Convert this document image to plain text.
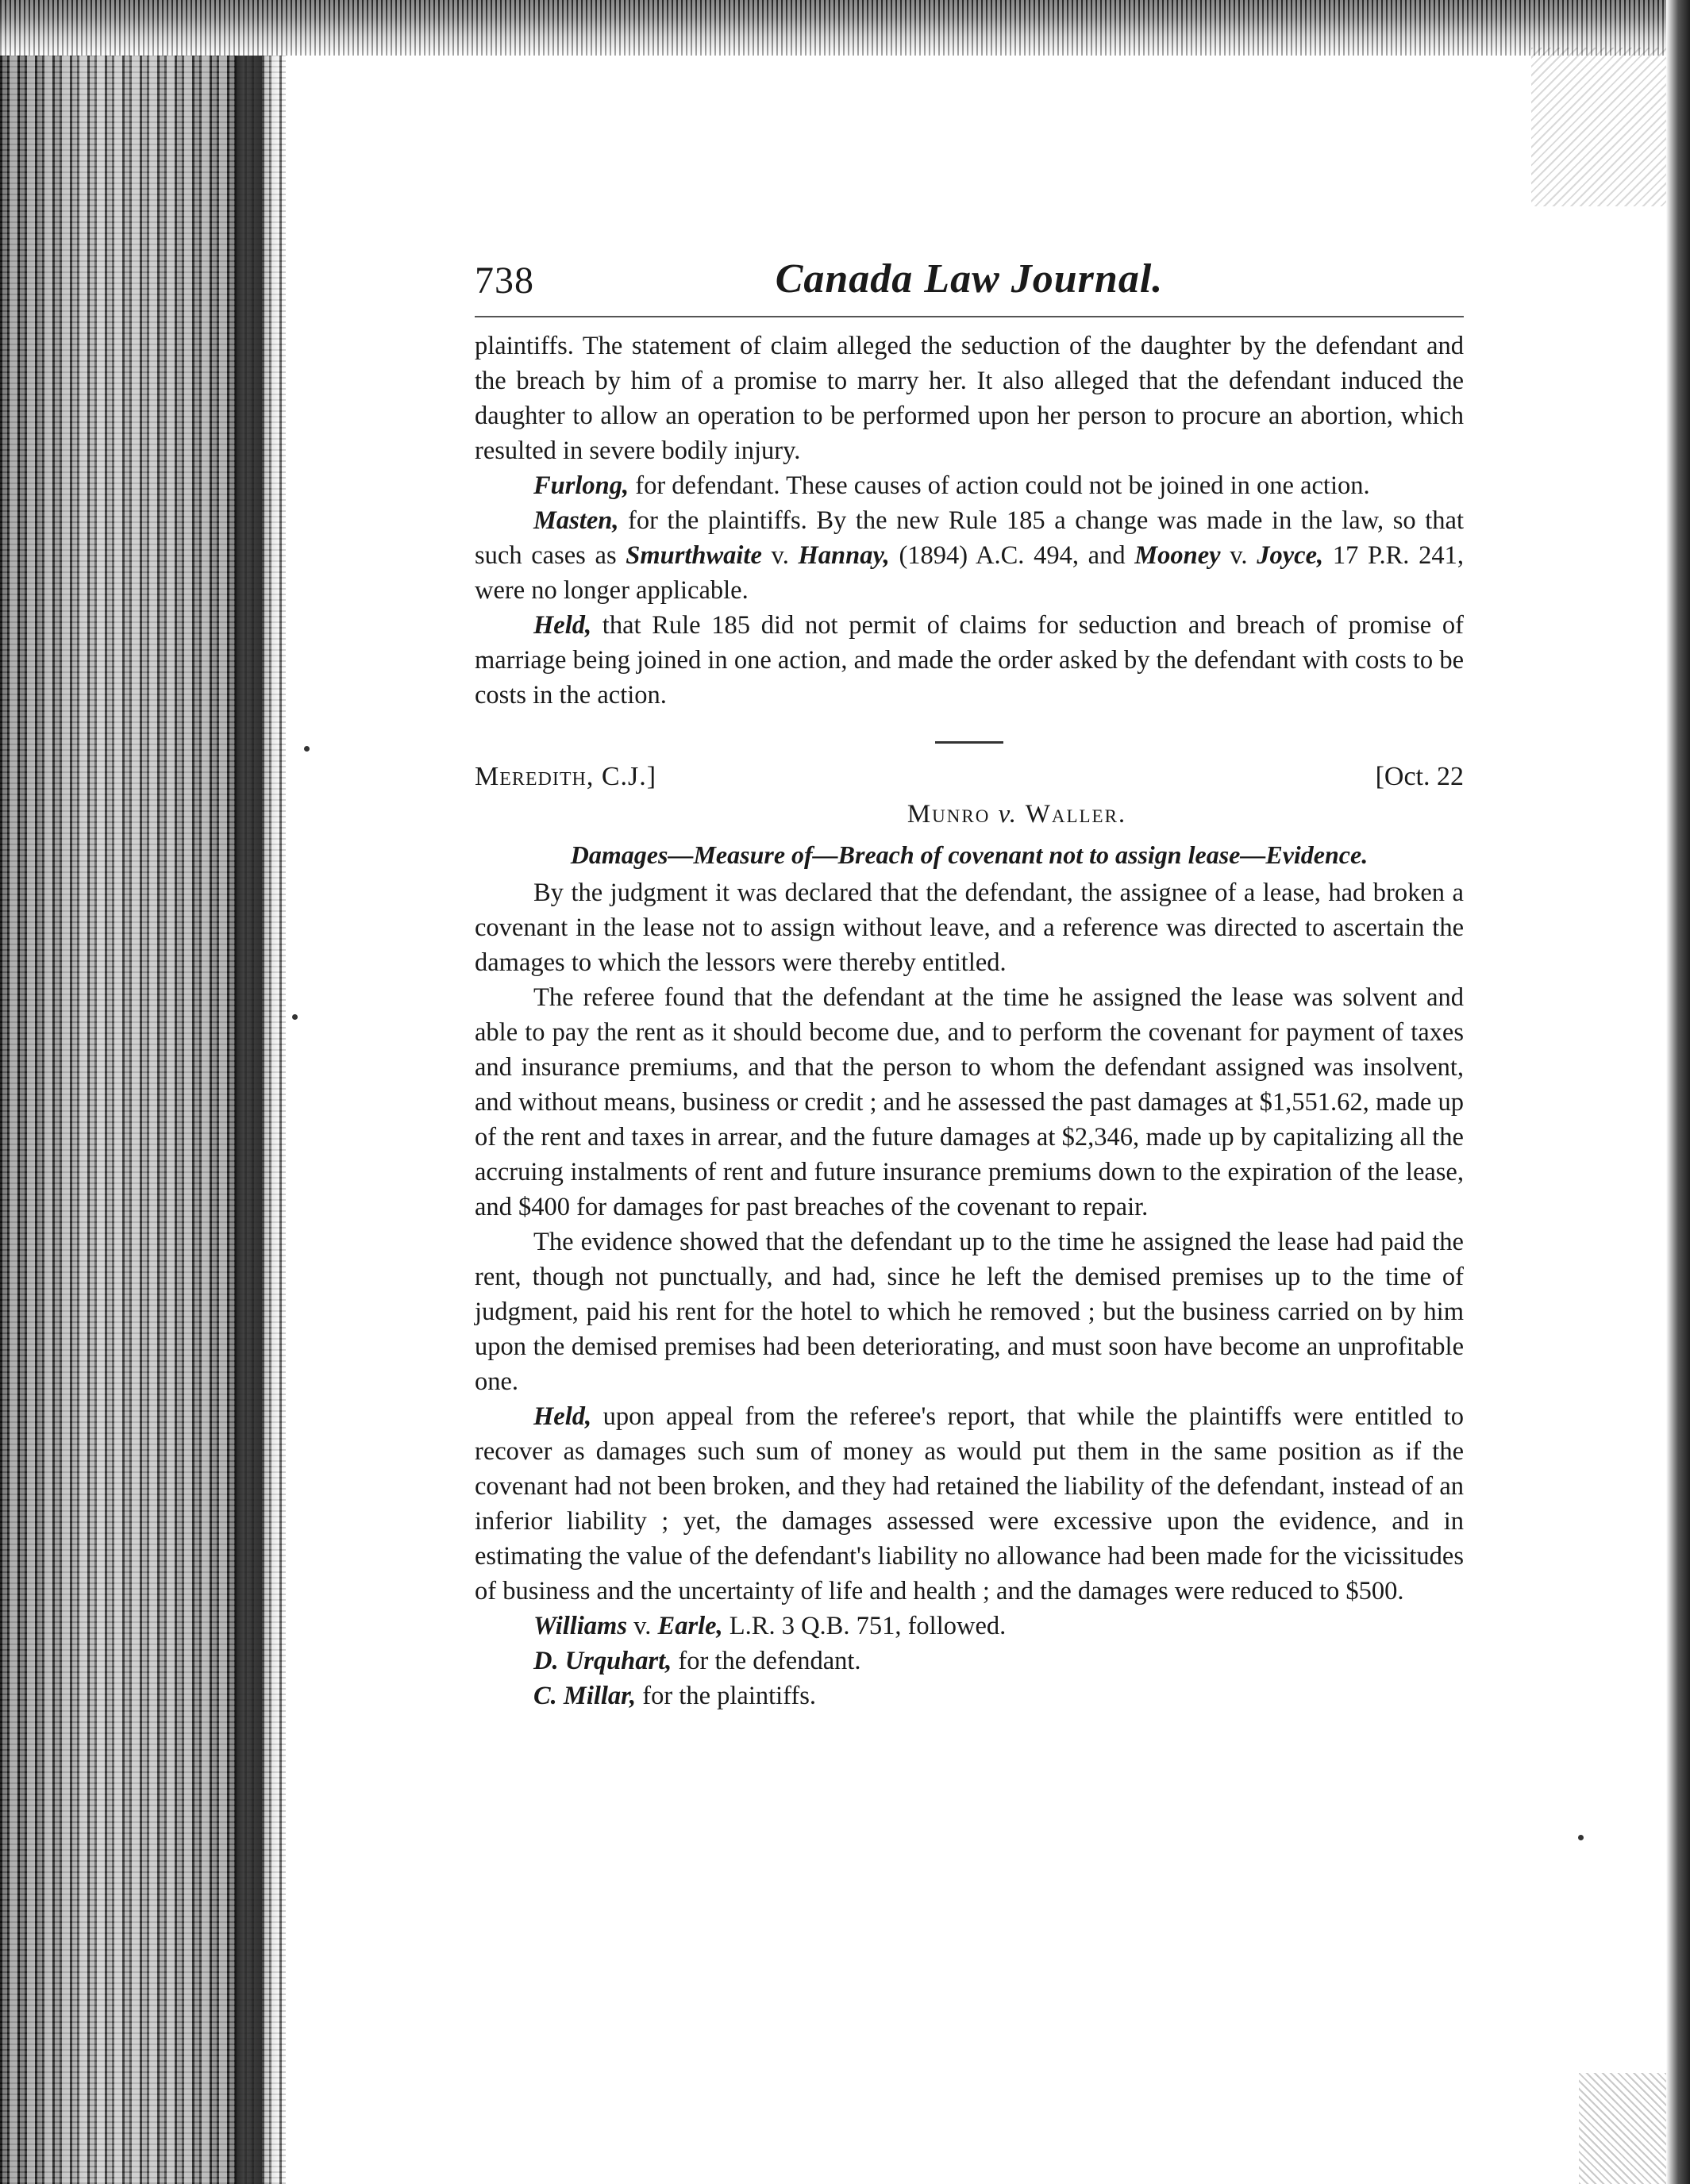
738	Canada Law Journal.

plaintiffs. The statement of claim alleged the seduction of the daughter by the defendant and the breach by him of a promise to marry her. It also alleged that the defendant induced the daughter to allow an operation to be performed upon her person to procure an abortion, which resulted in severe bodily injury.

Furlong, for defendant. These causes of action could not be joined in one action.

Masten, for the plaintiffs. By the new Rule 185 a change was made in the law, so that such cases as Smurthwaite v. Hannay, (1894) A.C. 494, and Mooney v. Joyce, 17 P.R. 241, were no longer applicable.

Held, that Rule 185 did not permit of claims for seduction and breach of promise of marriage being joined in one action, and made the order asked by the defendant with costs to be costs in the action.

Meredith, C.J.]	[Oct. 22
Munro v. Waller.
Damages—Measure of—Breach of covenant not to assign lease—Evidence.

By the judgment it was declared that the defendant, the assignee of a lease, had broken a covenant in the lease not to assign without leave, and a reference was directed to ascertain the damages to which the lessors were thereby entitled.

The referee found that the defendant at the time he assigned the lease was solvent and able to pay the rent as it should become due, and to perform the covenant for payment of taxes and insurance premiums, and that the person to whom the defendant assigned was insolvent, and without means, business or credit ; and he assessed the past damages at $1,551.62, made up of the rent and taxes in arrear, and the future damages at $2,346, made up by capitalizing all the accruing instalments of rent and future insurance premiums down to the expiration of the lease, and $400 for damages for past breaches of the covenant to repair.

The evidence showed that the defendant up to the time he assigned the lease had paid the rent, though not punctually, and had, since he left the demised premises up to the time of judgment, paid his rent for the hotel to which he removed ; but the business carried on by him upon the demised premises had been deteriorating, and must soon have become an unprofitable one.

Held, upon appeal from the referee's report, that while the plaintiffs were entitled to recover as damages such sum of money as would put them in the same position as if the covenant had not been broken, and they had retained the liability of the defendant, instead of an inferior liability ; yet, the damages assessed were excessive upon the evidence, and in estimating the value of the defendant's liability no allowance had been made for the vicissitudes of business and the uncertainty of life and health ; and the damages were reduced to $500.

Williams v. Earle, L.R. 3 Q.B. 751, followed.
D. Urquhart, for the defendant.
C. Millar, for the plaintiffs.
